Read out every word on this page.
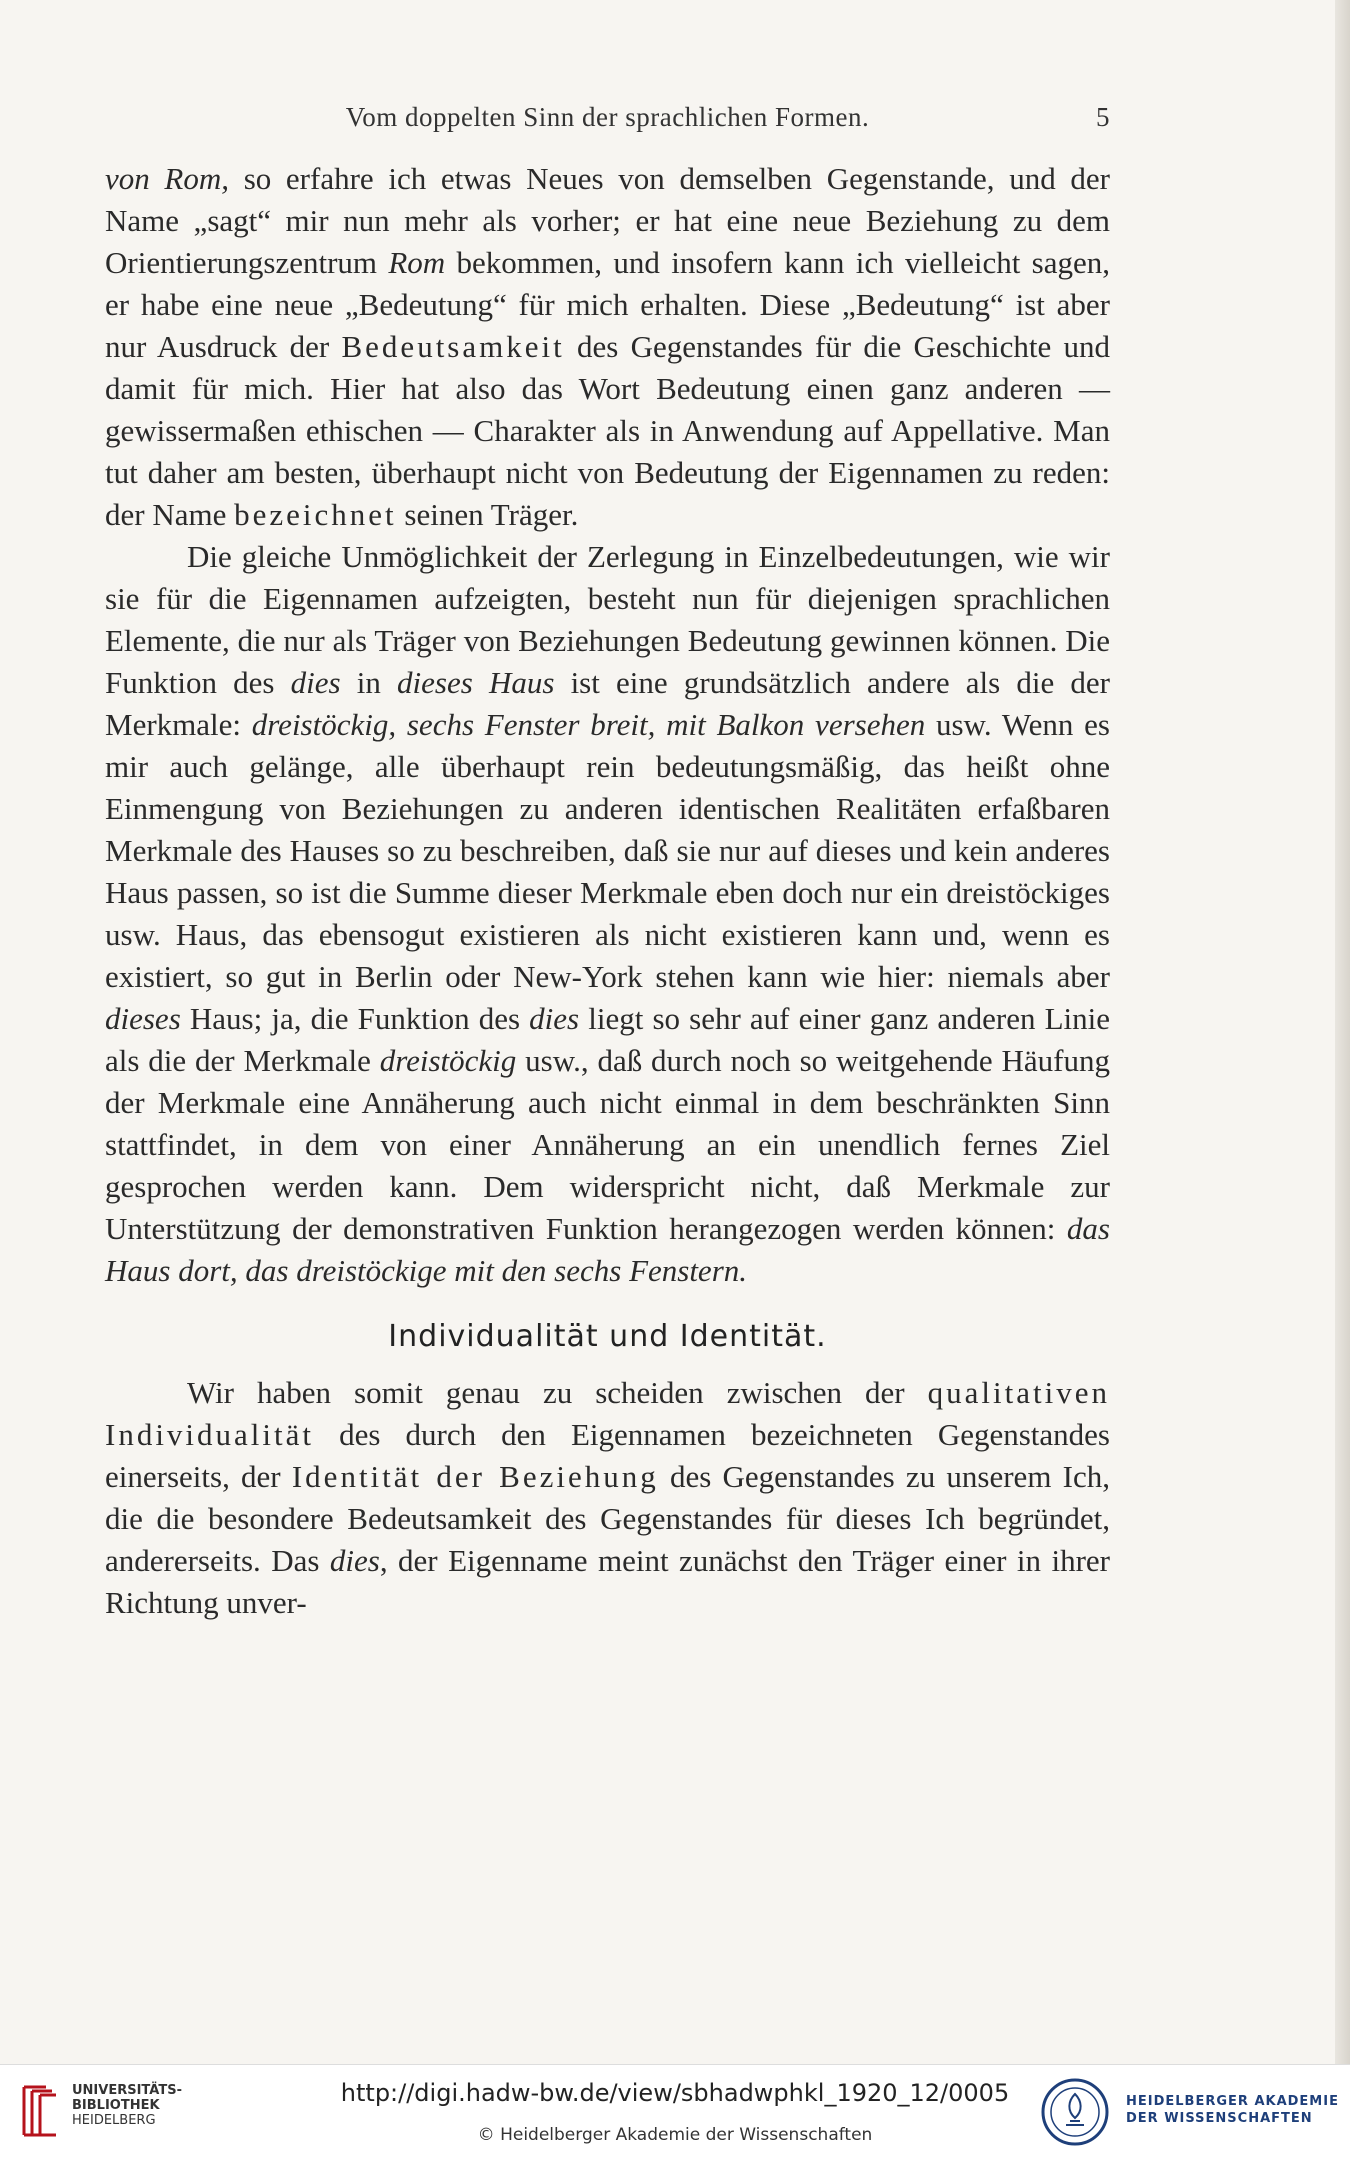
Vom doppelten Sinn der sprachlichen Formen.	5

von Rom, so erfahre ich etwas Neues von demselben Gegenstande, und der Name „sagt“ mir nun mehr als vorher; er hat eine neue Beziehung zu dem Orientierungszentrum Rom bekommen, und insofern kann ich vielleicht sagen, er habe eine neue „Bedeutung“ für mich erhalten. Diese „Bedeutung“ ist aber nur Ausdruck der Bedeutsamkeit des Gegenstandes für die Geschichte und damit für mich. Hier hat also das Wort Bedeutung einen ganz anderen — gewissermaßen ethischen — Charakter als in Anwendung auf Appellative. Man tut daher am besten, überhaupt nicht von Bedeutung der Eigennamen zu reden: der Name bezeichnet seinen Träger.

Die gleiche Unmöglichkeit der Zerlegung in Einzelbedeutungen, wie wir sie für die Eigennamen aufzeigten, besteht nun für diejenigen sprachlichen Elemente, die nur als Träger von Beziehungen Bedeutung gewinnen können. Die Funktion des dies in dieses Haus ist eine grundsätzlich andere als die der Merkmale: dreistöckig, sechs Fenster breit, mit Balkon versehen usw. Wenn es mir auch gelänge, alle überhaupt rein bedeutungsmäßig, das heißt ohne Einmengung von Beziehungen zu anderen identischen Realitäten erfaßbaren Merkmale des Hauses so zu beschreiben, daß sie nur auf dieses und kein anderes Haus passen, so ist die Summe dieser Merkmale eben doch nur ein dreistöckiges usw. Haus, das ebensogut existieren als nicht existieren kann und, wenn es existiert, so gut in Berlin oder New-York stehen kann wie hier: niemals aber dieses Haus; ja, die Funktion des dies liegt so sehr auf einer ganz anderen Linie als die der Merkmale dreistöckig usw., daß durch noch so weitgehende Häufung der Merkmale eine Annäherung auch nicht einmal in dem beschränkten Sinn stattfindet, in dem von einer Annäherung an ein unendlich fernes Ziel gesprochen werden kann. Dem widerspricht nicht, daß Merkmale zur Unterstützung der demonstrativen Funktion herangezogen werden können: das Haus dort, das dreistöckige mit den sechs Fenstern.

Individualität und Identität.

Wir haben somit genau zu scheiden zwischen der qualitativen Individualität des durch den Eigennamen bezeichneten Gegenstandes einerseits, der Identität der Beziehung des Gegenstandes zu unserem Ich, die die besondere Bedeutsamkeit des Gegenstandes für dieses Ich begründet, andererseits. Das dies, der Eigenname meint zunächst den Träger einer in ihrer Richtung unver-

UNIVERSITÄTS-
BIBLIOTHEK
HEIDELBERG
http://digi.hadw-bw.de/view/sbhadwphkl_1920_12/0005
© Heidelberger Akademie der Wissenschaften
HEIDELBERGER AKADEMIE
DER WISSENSCHAFTEN
